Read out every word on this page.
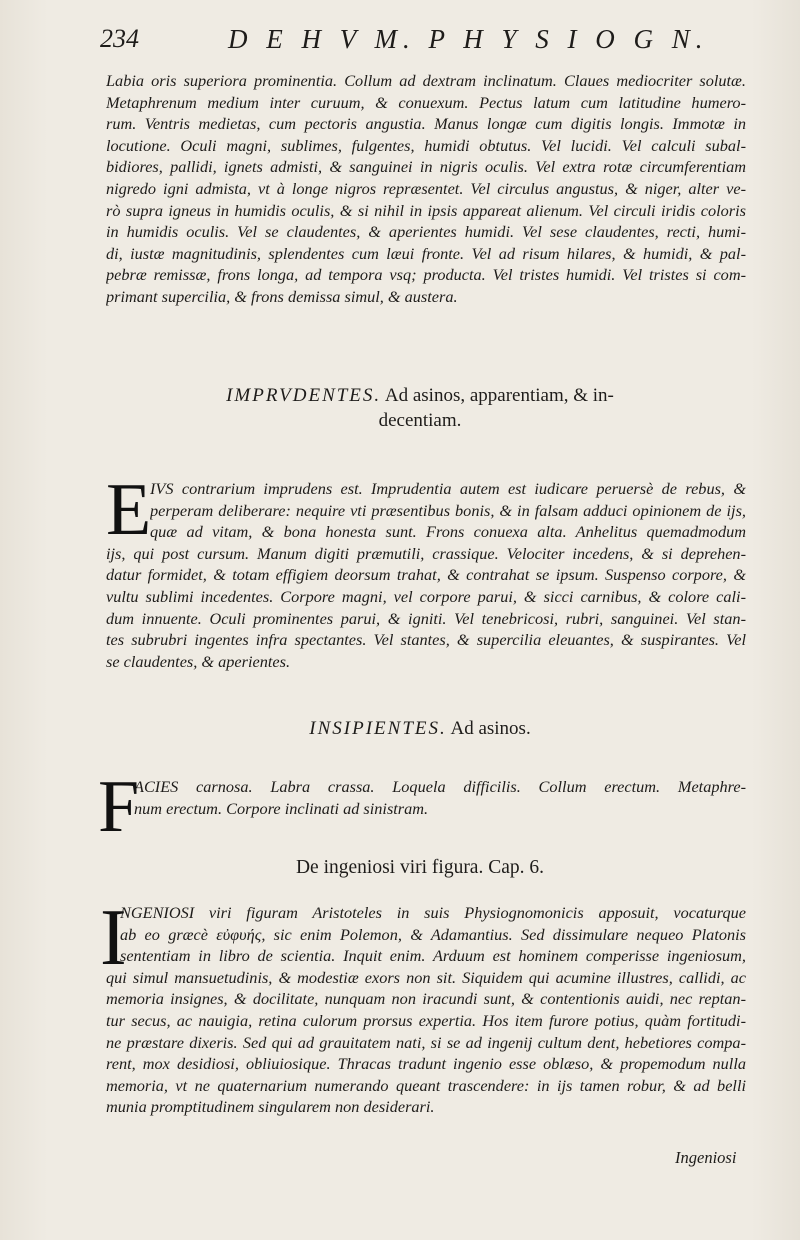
234	D E H V M. P H Y S I O G N.
Labia oris superiora prominentia. Collum ad dextram inclinatum. Claues mediocriter solutæ.
Metaphrenum medium inter curuum, & conuexum. Pectus latum cum latitudine humero-
rum. Ventris medietas, cum pectoris angustia. Manus longæ cum digitis longis. Immotæ in
locutione. Oculi magni, sublimes, fulgentes, humidi obtutus. Vel lucidi. Vel calculi subal-
bidiores, pallidi, ignets admisti, & sanguinei in nigris oculis. Vel extra rotæ circumferentiam
nigredo igni admista, vt à longe nigros repræsentet. Vel circulus angustus, & niger, alter ve-
rò supra igneus in humidis oculis, & si nihil in ipsis appareat alienum. Vel circuli iridis coloris
in humidis oculis. Vel se claudentes, & aperientes humidi. Vel sese claudentes, recti, humi-
di, iustæ magnitudinis, splendentes cum læui fronte. Vel ad risum hilares, & humidi, & pal-
pebræ remissæ, frons longa, ad tempora vsq; producta. Vel tristes humidi. Vel tristes si com-
primant supercilia, & frons demissa simul, & austera.
IMPRVDENTES. Ad asinos, apparentiam, & in-
decentiam.
E
IVS contrarium imprudens est. Imprudentia autem est iudicare peruersè de rebus, &
perperam deliberare: nequire vti præsentibus bonis, & in falsam adduci opinionem de ijs,
quæ ad vitam, & bona honesta sunt. Frons conuexa alta. Anhelitus quemadmodum
ijs, qui post cursum. Manum digiti præmutili, crassique. Velociter incedens, & si deprehen-
datur formidet, & totam effigiem deorsum trahat, & contrahat se ipsum. Suspenso corpore, &
vultu sublimi incedentes. Corpore magni, vel corpore parui, & sicci carnibus, & colore cali-
dum innuente. Oculi prominentes parui, & igniti. Vel tenebricosi, rubri, sanguinei. Vel stan-
tes subrubri ingentes infra spectantes. Vel stantes, & supercilia eleuantes, & suspirantes. Vel
se claudentes, & aperientes.
INSIPIENTES. Ad asinos.
F
ACIES carnosa. Labra crassa. Loquela difficilis. Collum erectum. Metaphre-
num erectum. Corpore inclinati ad sinistram.
De ingeniosi viri figura. Cap. 6.
I
NGENIOSI viri figuram Aristoteles in suis Physiognomonicis apposuit, vocaturque
ab eo græcè εὐφυής, sic enim Polemon, & Adamantius. Sed dissimulare nequeo Platonis
sententiam in libro de scientia. Inquit enim. Arduum est hominem comperisse ingeniosum,
qui simul mansuetudinis, & modestiæ exors non sit. Siquidem qui acumine illustres, callidi, ac
memoria insignes, & docilitate, nunquam non iracundi sunt, & contentionis auidi, nec reptan-
tur secus, ac nauigia, retina culorum prorsus expertia. Hos item furore potius, quàm fortitudi-
ne præstare dixeris. Sed qui ad grauitatem nati, si se ad ingenij cultum dent, hebetiores compa-
rent, mox desidiosi, obliuiosique. Thracas tradunt ingenio esse oblæso, & propemodum nulla
memoria, vt ne quaternarium numerando queant trascendere: in ijs tamen robur, & ad belli
munia promptitudinem singularem non desiderari.
Ingeniosi
